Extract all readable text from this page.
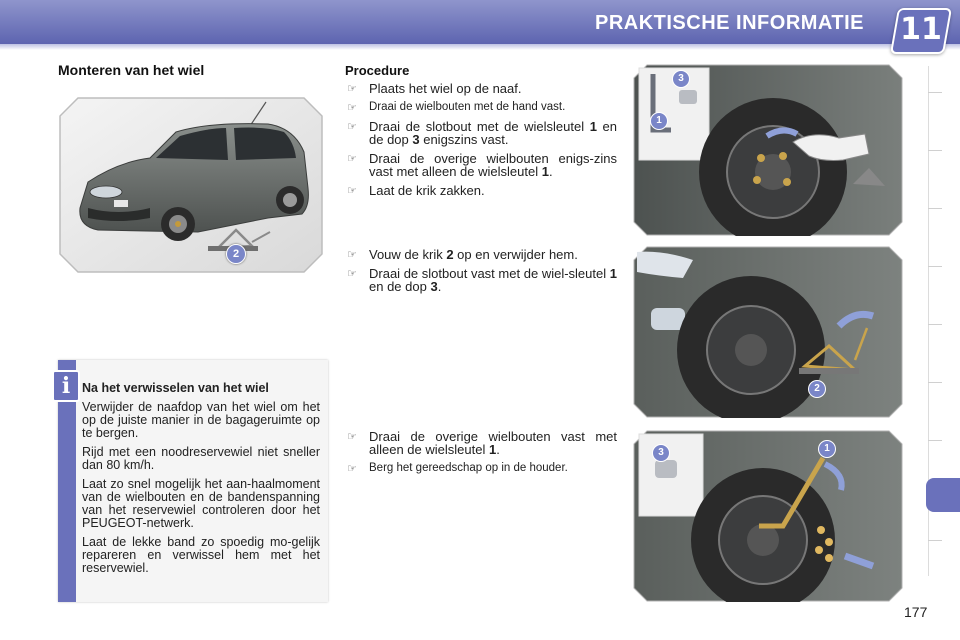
PRAKTISCHE INFORMATIE 11
Monteren van het wiel
2
i Na het verwisselen van het wiel

Verwijder de naafdop van het wiel om het op de juiste manier in de bagageruimte op te bergen.

Rijd met een noodreservewiel niet sneller dan 80 km/h.

Laat zo snel mogelijk het aan-haalmoment van de wielbouten en de bandenspanning van het reservewiel controleren door het PEUGEOT-netwerk.

Laat de lekke band zo spoedig mo-gelijk repareren en verwissel hem met het reservewiel.

Procedure
☞ Plaats het wiel op de naaf.
☞ Draai de wielbouten met de hand vast.
☞ Draai de slotbout met de wielsleutel 1 en de dop 3 enigszins vast.
☞ Draai de overige wielbouten enigs-zins vast met alleen de wielsleutel 1.
☞ Laat de krik zakken.
☞ Vouw de krik 2 op en verwijder hem.
☞ Draai de slotbout vast met de wiel-sleutel 1 en de dop 3.
☞ Draai de overige wielbouten vast met alleen de wielsleutel 1.
☞ Berg het gereedschap op in de houder.
3
1
2
3	1
177
